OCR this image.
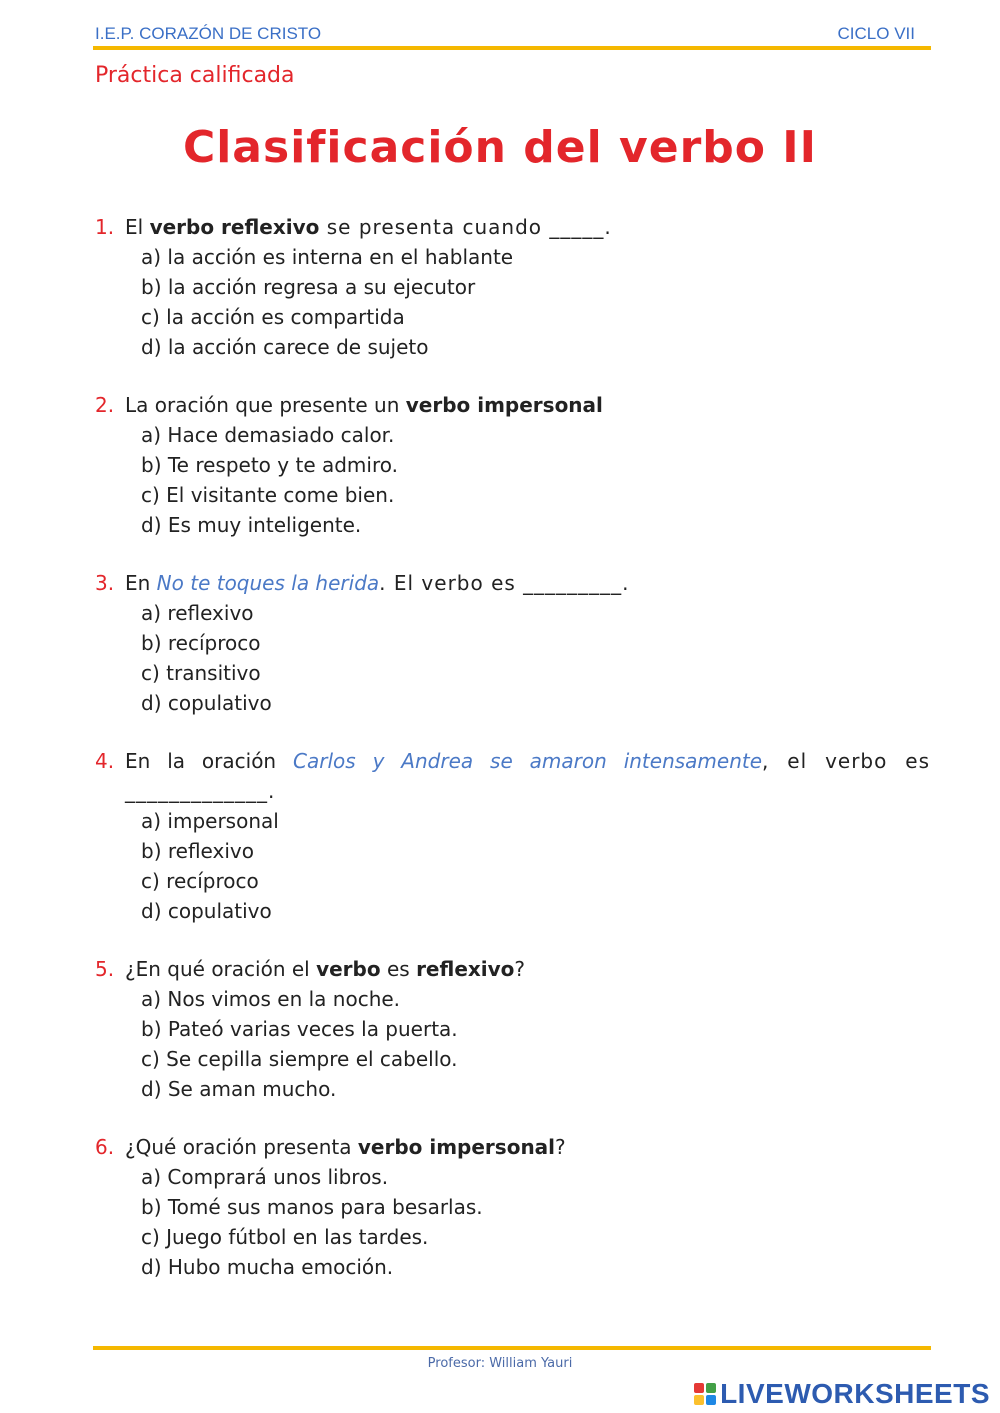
I.E.P. CORAZÓN DE CRISTO	CICLO VII
Práctica calificada
Clasificación del verbo II
1. El verbo reflexivo se presenta cuando _____.
a) la acción es interna en el hablante
b) la acción regresa a su ejecutor
c) la acción es compartida
d) la acción carece de sujeto
2. La oración que presente un verbo impersonal
a) Hace demasiado calor.
b) Te respeto y te admiro.
c) El visitante come bien.
d) Es muy inteligente.
3. En No te toques la herida. El verbo es _________.
a) reflexivo
b) recíproco
c) transitivo
d) copulativo
4. En la oración Carlos y Andrea se amaron intensamente, el verbo es _____________.
a) impersonal
b) reflexivo
c) recíproco
d) copulativo
5. ¿En qué oración el verbo es reflexivo?
a) Nos vimos en la noche.
b) Pateó varias veces la puerta.
c) Se cepilla siempre el cabello.
d) Se aman mucho.
6. ¿Qué oración presenta verbo impersonal?
a) Comprará unos libros.
b) Tomé sus manos para besarlas.
c) Juego fútbol en las tardes.
d) Hubo mucha emoción.
Profesor: William Yauri
LIVEWORKSHEETS
